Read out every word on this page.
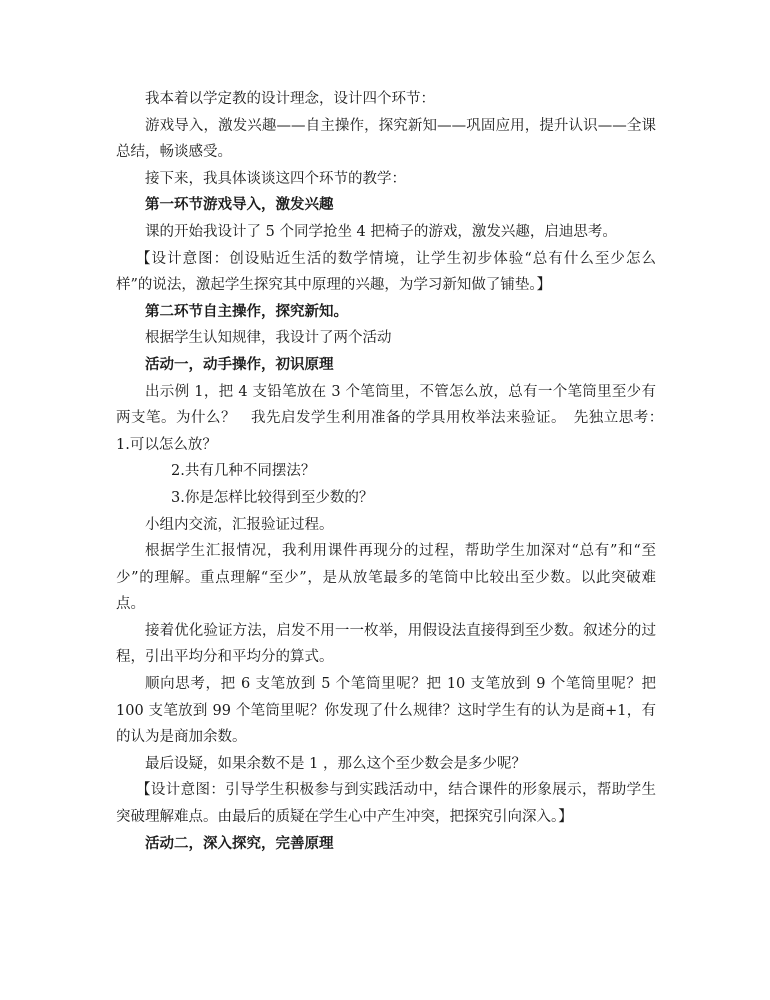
我本着以学定教的设计理念，设计四个环节：

游戏导入，激发兴趣——自主操作，探究新知——巩固应用，提升认识——全课总结，畅谈感受。

接下来，我具体谈谈这四个环节的教学：

第一环节游戏导入，激发兴趣

课的开始我设计了 5 个同学抢坐 4 把椅子的游戏，激发兴趣，启迪思考。

【设计意图：创设贴近生活的数学情境，让学生初步体验“总有什么至少怎么样”的说法，激起学生探究其中原理的兴趣，为学习新知做了铺垫。】

第二环节自主操作，探究新知。

根据学生认知规律，我设计了两个活动

活动一，动手操作，初识原理

出示例 1，把 4 支铅笔放在 3 个笔筒里，不管怎么放，总有一个笔筒里至少有两支笔。为什么？　我先启发学生利用准备的学具用枚举法来验证。　先独立思考：　1.可以怎么放？

2.共有几种不同摆法？

3.你是怎样比较得到至少数的？

小组内交流，汇报验证过程。

根据学生汇报情况，我利用课件再现分的过程，帮助学生加深对“总有”和“至少”的理解。重点理解“至少”，是从放笔最多的笔筒中比较出至少数。以此突破难点。

接着优化验证方法，启发不用一一枚举，用假设法直接得到至少数。叙述分的过程，引出平均分和平均分的算式。

顺向思考，把 6 支笔放到 5 个笔筒里呢？把 10 支笔放到 9 个笔筒里呢？把 100 支笔放到 99 个笔筒里呢？你发现了什么规律？这时学生有的认为是商+1，有的认为是商加余数。

最后设疑，如果余数不是 1 ，那么这个至少数会是多少呢？

【设计意图：引导学生积极参与到实践活动中，结合课件的形象展示，帮助学生突破理解难点。由最后的质疑在学生心中产生冲突，把探究引向深入。】

活动二，深入探究，完善原理
